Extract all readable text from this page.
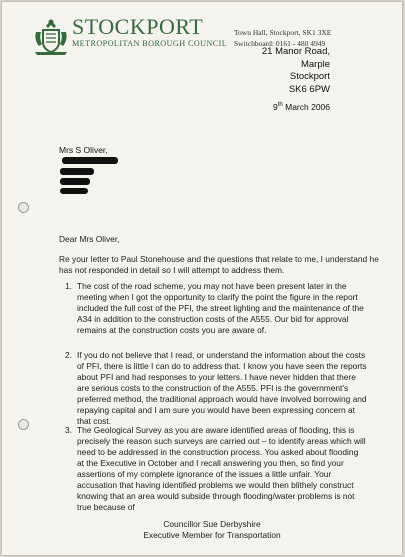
STOCKPORT
METROPOLITAN BOROUGH COUNCIL
Town Hall, Stockport, SK1 3XE
Switchboard: 0161 - 480 4949
21 Manor Road,
Marple
Stockport
SK6 6PW
9th March 2006
Mrs S Oliver,
Dear Mrs Oliver,
Re your letter to Paul Stonehouse and the questions that relate to me, I understand he has not responded in detail so I will attempt to address them.
1. The cost of the road scheme, you may not have been present later in the meeting when I got the opportunity to clarify the point the figure in the report included the full cost of the PFI, the street lighting and the maintenance of the A34 in addition to the construction costs of the A555. Our bid for approval remains at the construction costs you are aware of.
2. If you do not believe that I read, or understand the information about the costs of PFI, there is little I can do to address that. I know you have seen the reports about PFI and had responses to your letters. I have never hidden that there are serious costs to the construction of the A555. PFI is the government's preferred method, the traditional approach would have involved borrowing and repaying capital and I am sure you would have been expressing concern at that cost.
3. The Geological Survey as you are aware identified areas of flooding, this is precisely the reason such surveys are carried out – to identify areas which will need to be addressed in the construction process. You asked about flooding at the Executive in October and I recall answering you then, so find your assertions of my complete ignorance of the issues a little unfair. Your accusation that having identified problems we would then blithely construct knowing that an area would subside through flooding/water problems is not true because of
Councillor Sue Derbyshire
Executive Member for Transportation
